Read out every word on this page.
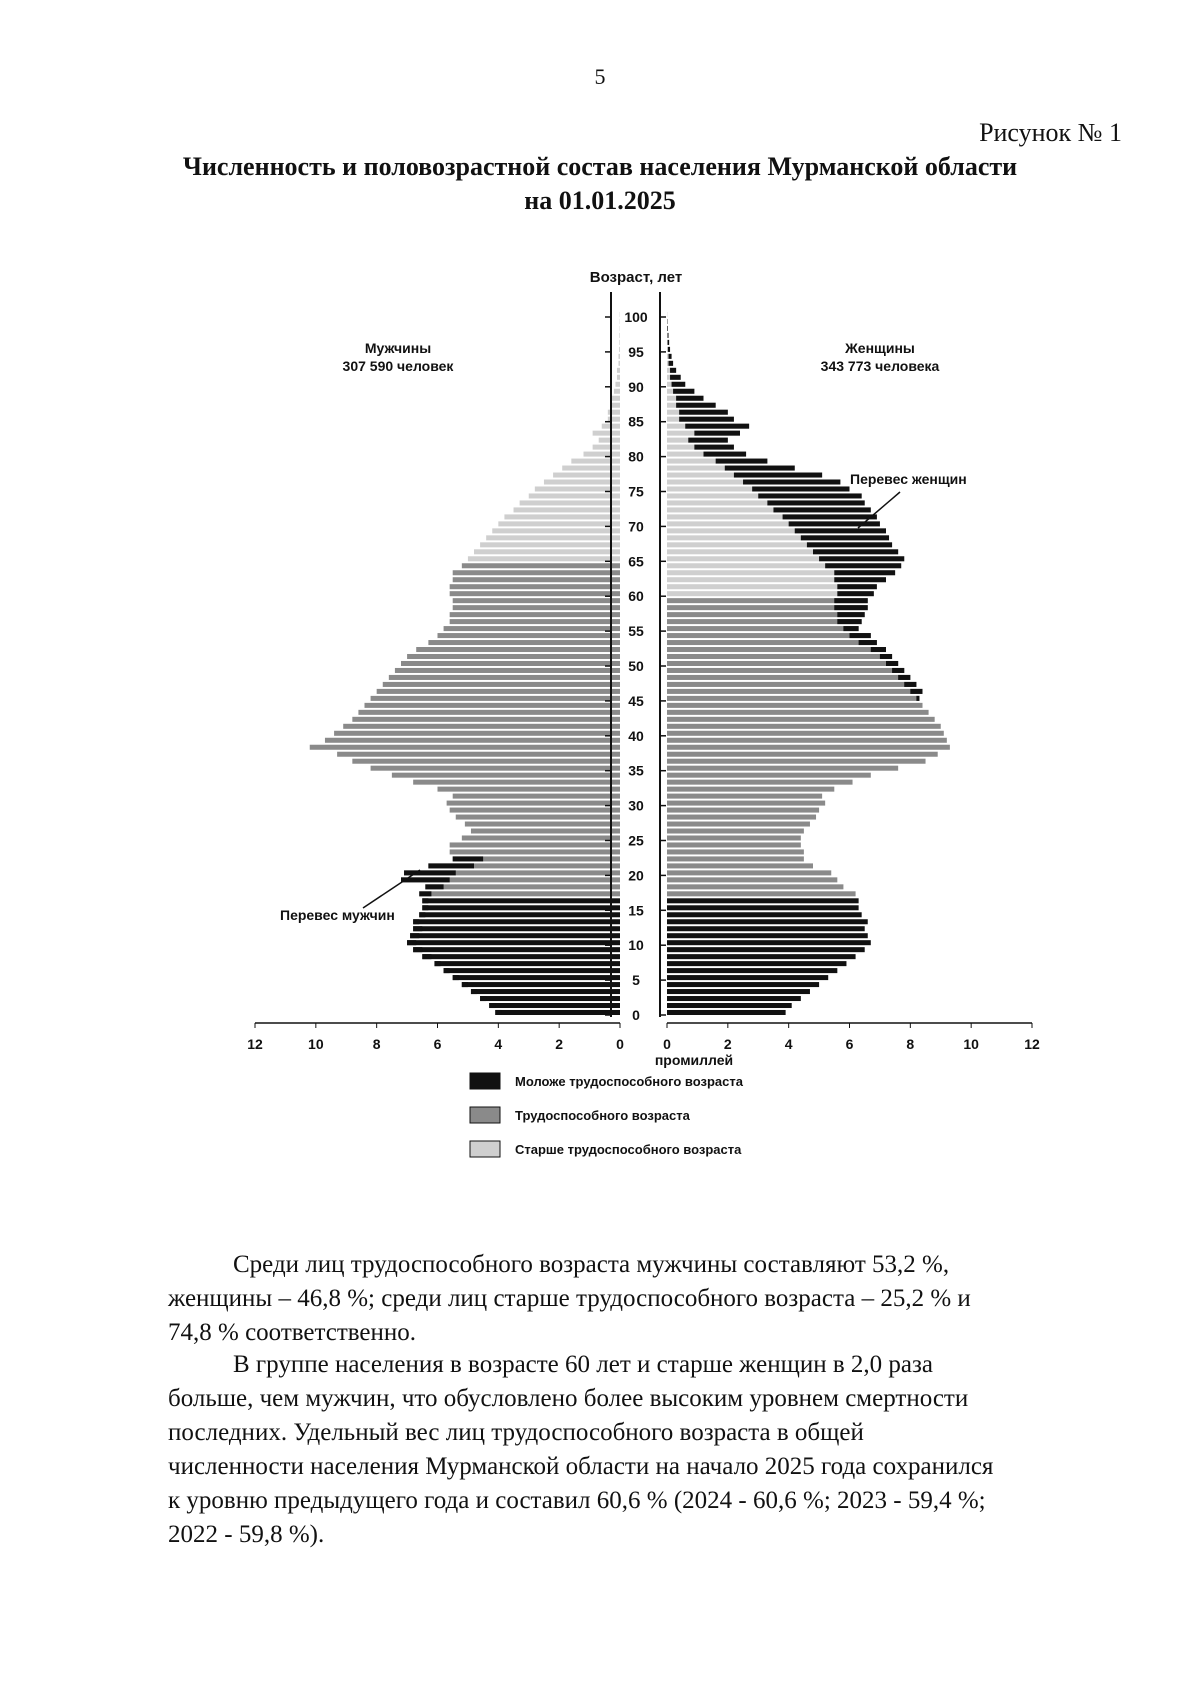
5
Рисунок № 1
Численность и половозрастной состав населения Мурманской области
на 01.01.2025
Возраст, лет
100
95
90
85
80
75
70
65
60
55
50
45
40
35
30
25
20
15
10
5
0
12	10	8	6	4	2	0	0	2	4	6	8	10	12
промиллей
Мужчины
307 590 человек
Женщины
343 773 человека
Перевес женщин
Перевес мужчин
Моложе трудоспособного возраста
Трудоспособного возраста
Старше трудоспособного возраста
Среди лиц трудоспособного возраста мужчины составляют 53,2 %,
женщины – 46,8 %; среди лиц старше трудоспособного возраста – 25,2 % и
74,8 % соответственно.
В группе населения в возрасте 60 лет и старше женщин в 2,0 раза
больше, чем мужчин, что обусловлено более высоким уровнем смертности
последних. Удельный вес лиц трудоспособного возраста в общей
численности населения Мурманской области на начало 2025 года сохранился
к уровню предыдущего года и составил 60,6 % (2024 - 60,6 %; 2023 - 59,4 %;
2022 - 59,8 %).
